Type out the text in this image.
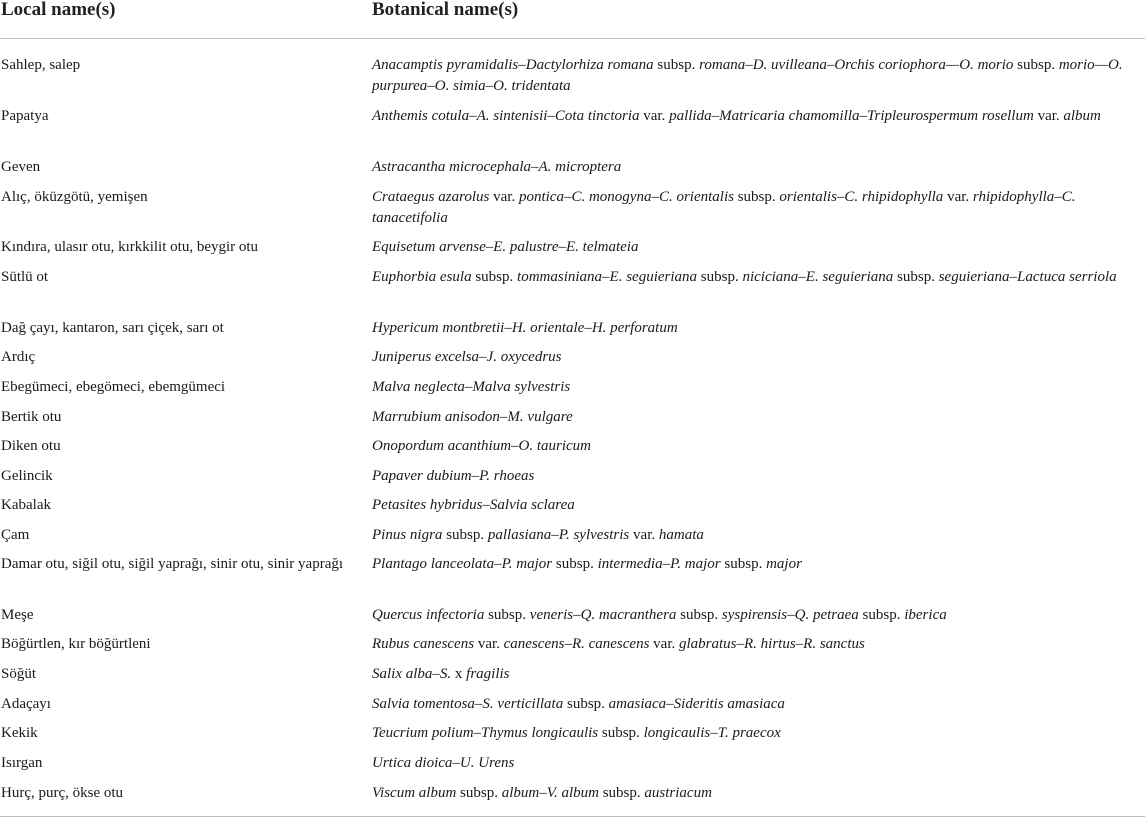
Local name(s)	Botanical name(s)
Sahlep, salep	Anacamptis pyramidalis–Dactylorhiza romana subsp. romana–D. uvilleana–Orchis coriophora—O. morio subsp. morio—O. purpurea–O. simia–O. tridentata
Papatya	Anthemis cotula–A. sintenisii–Cota tinctoria var. pallida–Matricaria chamomilla–Tripleurospermum rosellum var. album
Geven	Astracantha microcephala–A. microptera
Alıç, öküzgötü, yemişen	Crataegus azarolus var. pontica–C. monogyna–C. orientalis subsp. orientalis–C. rhipidophylla var. rhipidophylla–C. tanacetifolia
Kındıra, ulasır otu, kırkkilit otu, beygir otu	Equisetum arvense–E. palustre–E. telmateia
Sütlü ot	Euphorbia esula subsp. tommasiniana–E. seguieriana subsp. niciciana–E. seguieriana subsp. seguieriana–Lactuca serriola
Dağ çayı, kantaron, sarı çiçek, sarı ot	Hypericum montbretii–H. orientale–H. perforatum
Ardıç	Juniperus excelsa–J. oxycedrus
Ebegümeci, ebegömeci, ebemgümeci	Malva neglecta–Malva sylvestris
Bertik otu	Marrubium anisodon–M. vulgare
Diken otu	Onopordum acanthium–O. tauricum
Gelincik	Papaver dubium–P. rhoeas
Kabalak	Petasites hybridus–Salvia sclarea
Çam	Pinus nigra subsp. pallasiana–P. sylvestris var. hamata
Damar otu, siğil otu, siğil yaprağı, sinir otu, sinir yaprağı	Plantago lanceolata–P. major subsp. intermedia–P. major subsp. major
Meşe	Quercus infectoria subsp. veneris–Q. macranthera subsp. syspirensis–Q. petraea subsp. iberica
Böğürtlen, kır böğürtleni	Rubus canescens var. canescens–R. canescens var. glabratus–R. hirtus–R. sanctus
Söğüt	Salix alba–S. x fragilis
Adaçayı	Salvia tomentosa–S. verticillata subsp. amasiaca–Sideritis amasiaca
Kekik	Teucrium polium–Thymus longicaulis subsp. longicaulis–T. praecox
Isırgan	Urtica dioica–U. Urens
Hurç, purç, ökse otu	Viscum album subsp. album–V. album subsp. austriacum
